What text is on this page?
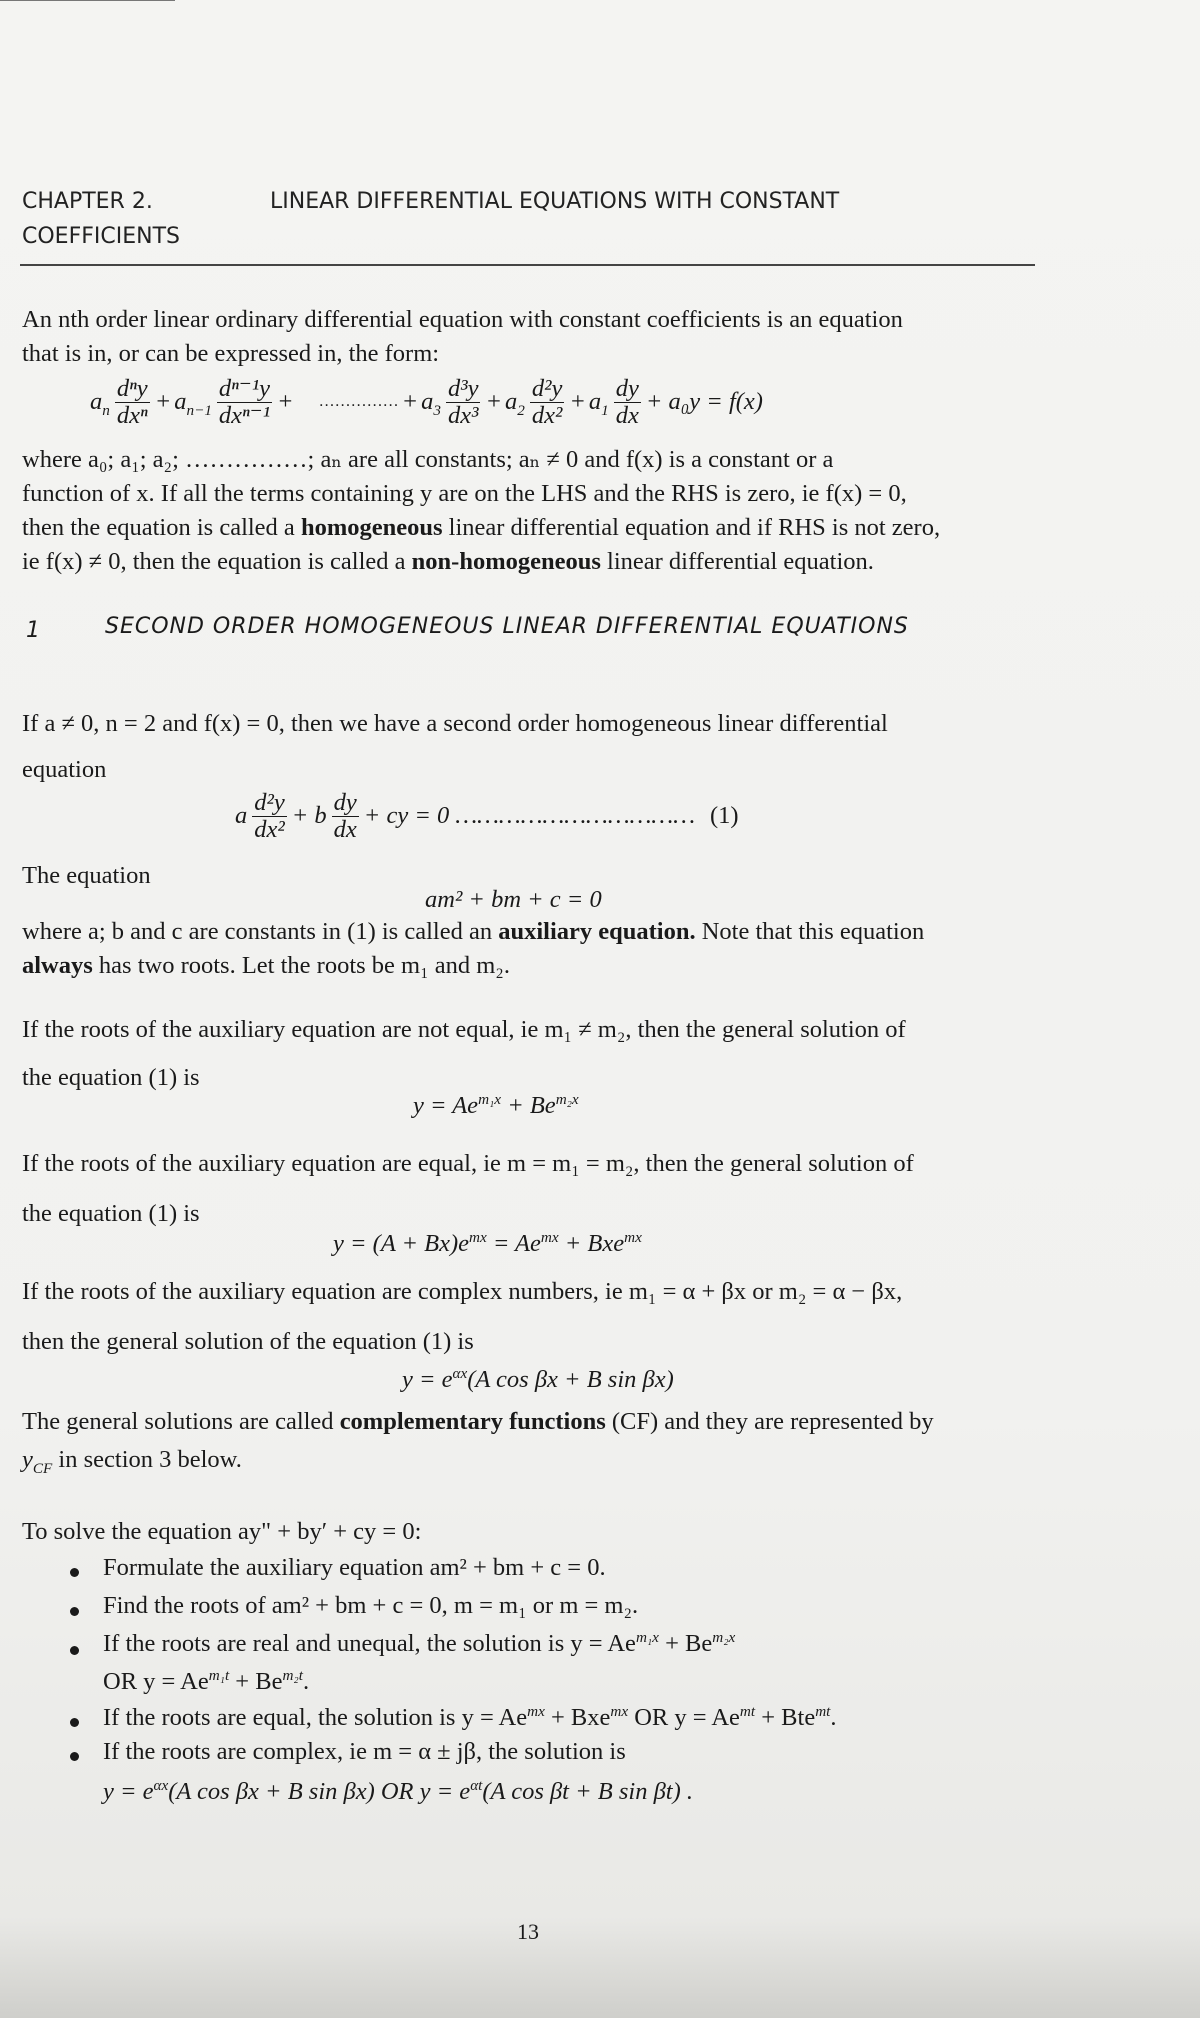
CHAPTER 2.	LINEAR DIFFERENTIAL EQUATIONS WITH CONSTANT
COEFFICIENTS
An nth order linear ordinary differential equation with constant coefficients is an equation
that is in, or can be expressed in, the form:
$a_n \frac{\text{dⁿy}}{\text{dxⁿ}} + a_{n-1} \frac{\text{dⁿ⁻¹y}}{\text{dxⁿ⁻¹}}$ + …………… + $a_3 \frac{\text{d³y}}{\text{dx³}} + a_2 \frac{\text{d²y}}{\text{dx²}} + a_1 \frac{dy}{dx} + a_0y = f(x)$
where a₀; a₁; a₂; ……………; aₙ are all constants; aₙ ≠ 0 and f(x) is a constant or a
function of x. If all the terms containing y are on the LHS and the RHS is zero, ie f(x) = 0,
then the equation is called a homogeneous linear differential equation and if RHS is not zero,
ie f(x) ≠ 0, then the equation is called a non-homogeneous linear differential equation.
1	SECOND ORDER HOMOGENEOUS LINEAR DIFFERENTIAL EQUATIONS
If a ≠ 0, n = 2 and f(x) = 0, then we have a second order homogeneous linear differential
equation
a $\frac{\text{d²y}}{\text{dx²}} + b \frac{dy}{dx}$ + cy = 0 …………………………… (1)
The equation
am² + bm + c = 0
where a; b and c are constants in (1) is called an auxiliary equation. Note that this equation
always has two roots. Let the roots be m₁ and m₂.
If the roots of the auxiliary equation are not equal, ie m₁ ≠ m₂, then the general solution of
the equation (1) is
$y = Ae^{m_1x} + Be^{m_2x}$
If the roots of the auxiliary equation are equal, ie m = m₁ = m₂, then the general solution of
the equation (1) is
$y = (A + Bx)e^{mx} = Ae^{mx} + Bxe^{mx}$
If the roots of the auxiliary equation are complex numbers, ie m₁ = α + βx or m₂ = α − βx,
then the general solution of the equation (1) is
$y = e^{\alpha x}(A$ cos βx + B sin βx)
The general solutions are called complementary functions (CF) and they are represented by
$y_{CF}$ in section 3 below.
To solve the equation ay" + by′ + cy = 0:
Formulate the auxiliary equation am² + bm + c = 0.
Find the roots of am² + bm + c = 0, m = m₁ or m = m₂.
If the roots are real and unequal, the solution is $y = Ae^{m_1x} + Be^{m_2x}$
OR $y = Ae^{m_1t} + Be^{m_2t}$.
If the roots are equal, the solution is $y = Ae^{mx} + Bxe^{mx}$ OR $y = Ae^{mt} + Bte^{mt}$.
If the roots are complex, ie m = α ± jβ, the solution is
$y = e^{\alpha x}(A$ cos βx + B sin βx) OR $y = e^{\alpha t}(A$ cos βt + B sin βt) .
13
